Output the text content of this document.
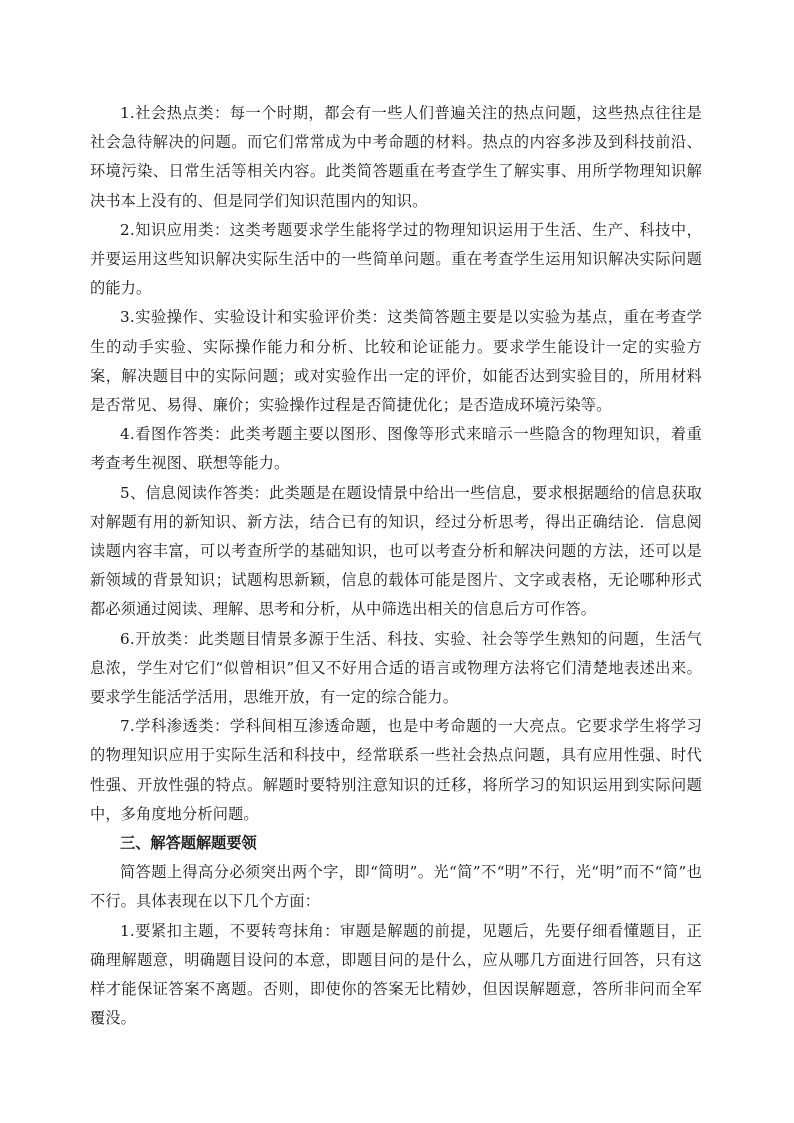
1.社会热点类：每一个时期，都会有一些人们普遍关注的热点问题，这些热点往往是社会急待解决的问题。而它们常常成为中考命题的材料。热点的内容多涉及到科技前沿、环境污染、日常生活等相关内容。此类简答题重在考查学生了解实事、用所学物理知识解决书本上没有的、但是同学们知识范围内的知识。

2.知识应用类：这类考题要求学生能将学过的物理知识运用于生活、生产、科技中，并要运用这些知识解决实际生活中的一些简单问题。重在考查学生运用知识解决实际问题的能力。

3.实验操作、实验设计和实验评价类：这类简答题主要是以实验为基点，重在考查学生的动手实验、实际操作能力和分析、比较和论证能力。要求学生能设计一定的实验方案，解决题目中的实际问题；或对实验作出一定的评价，如能否达到实验目的，所用材料是否常见、易得、廉价；实验操作过程是否简捷优化；是否造成环境污染等。

4.看图作答类：此类考题主要以图形、图像等形式来暗示一些隐含的物理知识，着重考查考生视图、联想等能力。

5、信息阅读作答类：此类题是在题设情景中给出一些信息，要求根据题给的信息获取对解题有用的新知识、新方法，结合已有的知识，经过分析思考，得出正确结论．信息阅读题内容丰富，可以考查所学的基础知识，也可以考查分析和解决问题的方法，还可以是新领域的背景知识；试题构思新颖，信息的载体可能是图片、文字或表格，无论哪种形式都必须通过阅读、理解、思考和分析，从中筛选出相关的信息后方可作答。

6.开放类：此类题目情景多源于生活、科技、实验、社会等学生熟知的问题，生活气息浓，学生对它们“似曾相识”但又不好用合适的语言或物理方法将它们清楚地表述出来。要求学生能活学活用，思维开放，有一定的综合能力。

7.学科渗透类：学科间相互渗透命题，也是中考命题的一大亮点。它要求学生将学习的物理知识应用于实际生活和科技中，经常联系一些社会热点问题，具有应用性强、时代性强、开放性强的特点。解题时要特别注意知识的迁移，将所学习的知识运用到实际问题中，多角度地分析问题。

三、解答题解题要领

简答题上得高分必须突出两个字，即“简明”。光“简”不“明”不行，光“明”而不“简”也不行。具体表现在以下几个方面：

1.要紧扣主题，不要转弯抹角：审题是解题的前提，见题后，先要仔细看懂题目，正确理解题意，明确题目设问的本意，即题目问的是什么，应从哪几方面进行回答，只有这样才能保证答案不离题。否则，即使你的答案无比精妙，但因误解题意，答所非问而全军覆没。
